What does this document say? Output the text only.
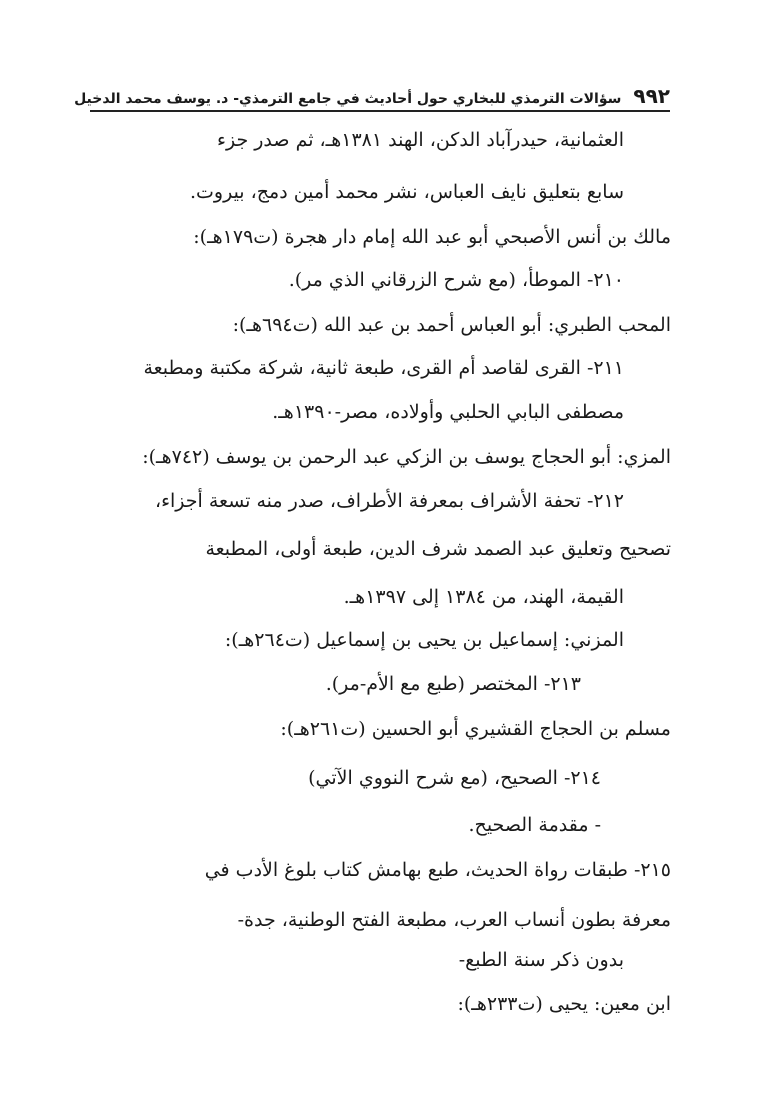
٩٩٢
سؤالات الترمذي للبخاري حول أحاديث في جامع الترمذي- د. يوسف محمد الدخيل
العثمانية، حيدرآباد الدكن، الهند ١٣٨١هـ، ثم صدر جزء
سابع بتعليق نايف العباس، نشر محمد أمين دمج، بيروت.
مالك بن أنس الأصبحي أبو عبد الله إمام دار هجرة (ت١٧٩هـ):
٢١٠- الموطأ، (مع شرح الزرقاني الذي مر).
المحب الطبري: أبو العباس أحمد بن عبد الله (ت٦٩٤هـ):
٢١١- القرى لقاصد أم القرى، طبعة ثانية، شركة مكتبة ومطبعة
مصطفى البابي الحلبي وأولاده، مصر-١٣٩٠هـ.
المزي: أبو الحجاج يوسف بن الزكي عبد الرحمن بن يوسف (٧٤٢هـ):
٢١٢- تحفة الأشراف بمعرفة الأطراف، صدر منه تسعة أجزاء،
تصحيح وتعليق عبد الصمد شرف الدين، طبعة أولى، المطبعة
القيمة، الهند، من ١٣٨٤ إلى ١٣٩٧هـ.
المزني: إسماعيل بن يحيى بن إسماعيل (ت٢٦٤هـ):
٢١٣- المختصر (طبع مع الأم-مر).
مسلم بن الحجاج القشيري أبو الحسين (ت٢٦١هـ):
٢١٤- الصحيح، (مع شرح النووي الآتي)
- مقدمة الصحيح.
٢١٥- طبقات رواة الحديث، طبع بهامش كتاب بلوغ الأدب في
معرفة بطون أنساب العرب، مطبعة الفتح الوطنية، جدة-
بدون ذكر سنة الطبع-
ابن معين: يحيى (ت٢٣٣هـ):
